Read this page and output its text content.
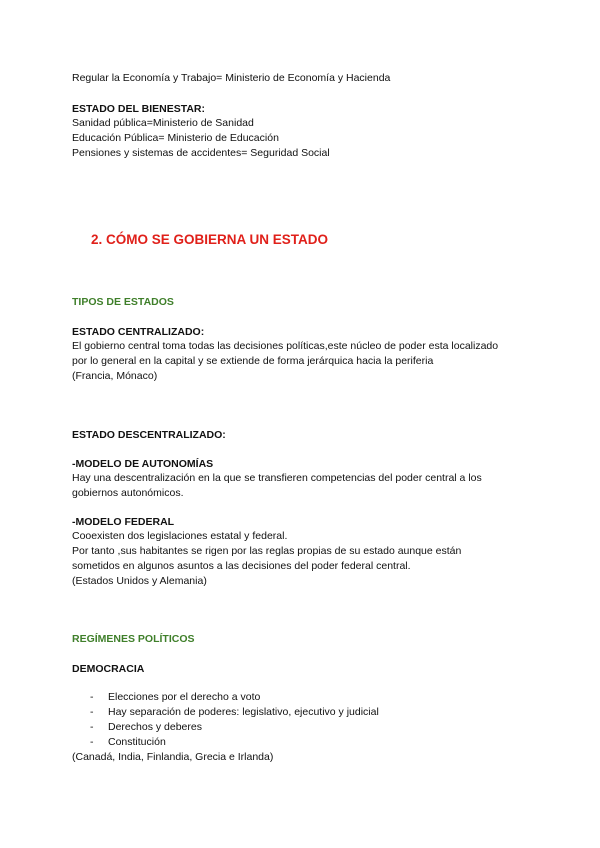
Regular la Economía y Trabajo= Ministerio de Economía y Hacienda
ESTADO DEL BIENESTAR:
Sanidad pública=Ministerio de Sanidad
Educación Pública= Ministerio de Educación
Pensiones y sistemas de accidentes= Seguridad Social
2. CÓMO SE GOBIERNA UN ESTADO
TIPOS DE ESTADOS
ESTADO CENTRALIZADO:
El gobierno central toma todas las decisiones políticas,este núcleo de poder esta localizado
por lo general en la capital y se extiende de forma jerárquica hacia la periferia
(Francia, Mónaco)
ESTADO DESCENTRALIZADO:
-MODELO DE AUTONOMÍAS
Hay una descentralización en la que se transfieren competencias del poder central a los
gobiernos autonómicos.
-MODELO FEDERAL
Cooexisten dos legislaciones estatal y federal.
Por tanto ,sus habitantes se rigen por las reglas propias de su estado aunque están
sometidos en algunos asuntos a las decisiones del poder federal central.
(Estados Unidos y Alemania)
REGÍMENES POLÍTICOS
DEMOCRACIA
- Elecciones por el derecho a voto
- Hay separación de poderes: legislativo, ejecutivo y judicial
- Derechos y deberes
- Constitución
(Canadá, India, Finlandia, Grecia e Irlanda)
